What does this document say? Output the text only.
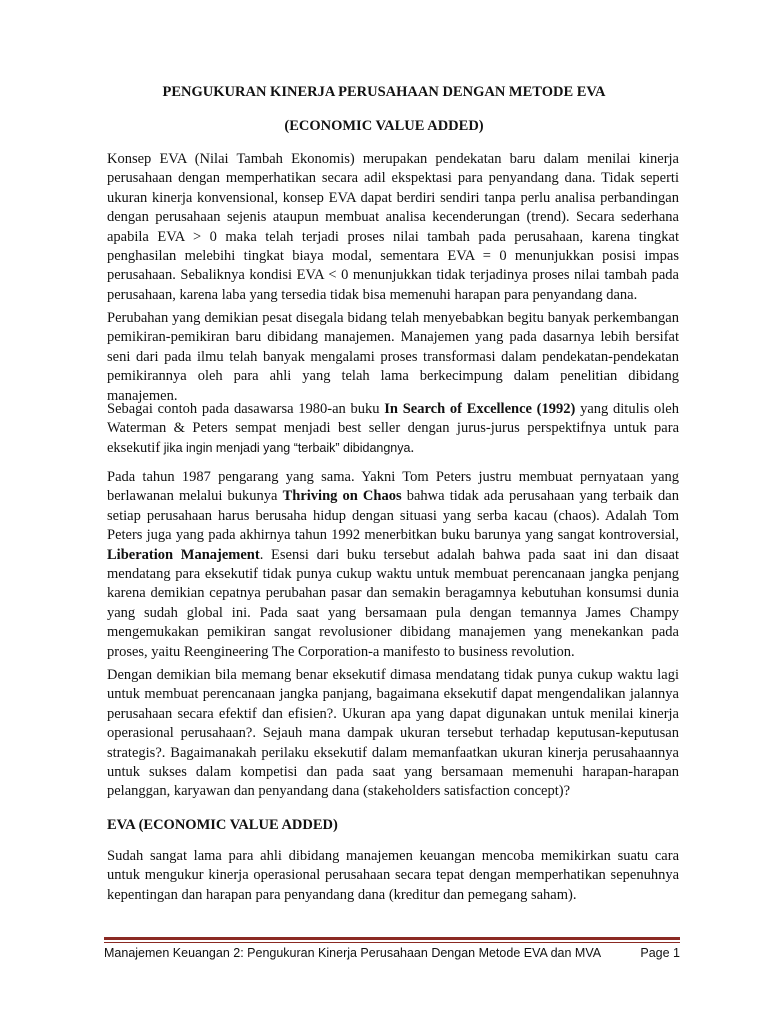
PENGUKURAN KINERJA PERUSAHAAN DENGAN METODE EVA
(ECONOMIC VALUE ADDED)

Konsep EVA (Nilai Tambah Ekonomis) merupakan pendekatan baru dalam menilai kinerja perusahaan dengan memperhatikan secara adil ekspektasi para penyandang dana. Tidak seperti ukuran kinerja konvensional, konsep EVA dapat berdiri sendiri tanpa perlu analisa perbandingan dengan perusahaan sejenis ataupun membuat analisa kecenderungan (trend). Secara sederhana apabila EVA > 0 maka telah terjadi proses nilai tambah pada perusahaan, karena tingkat penghasilan melebihi tingkat biaya modal, sementara EVA = 0 menunjukkan posisi impas perusahaan. Sebaliknya kondisi EVA < 0 menunjukkan tidak terjadinya proses nilai tambah pada perusahaan, karena laba yang tersedia tidak bisa memenuhi harapan para penyandang dana.

Perubahan yang demikian pesat disegala bidang telah menyebabkan begitu banyak perkembangan pemikiran-pemikiran baru dibidang manajemen. Manajemen yang pada dasarnya lebih bersifat seni dari pada ilmu telah banyak mengalami proses transformasi dalam pendekatan-pendekatan pemikirannya oleh para ahli yang telah lama berkecimpung dalam penelitian dibidang manajemen.

Sebagai contoh pada dasawarsa 1980-an buku In Search of Excellence (1992) yang ditulis oleh Waterman & Peters sempat menjadi best seller dengan jurus-jurus perspektifnya untuk para eksekutif jika ingin menjadi yang “terbaik” dibidangnya.

Pada tahun 1987 pengarang yang sama. Yakni Tom Peters justru membuat pernyataan yang berlawanan melalui bukunya Thriving on Chaos bahwa tidak ada perusahaan yang terbaik dan setiap perusahaan harus berusaha hidup dengan situasi yang serba kacau (chaos). Adalah Tom Peters juga yang pada akhirnya tahun 1992 menerbitkan buku barunya yang sangat kontroversial, Liberation Manajement. Esensi dari buku tersebut adalah bahwa pada saat ini dan disaat mendatang para eksekutif tidak punya cukup waktu untuk membuat perencanaan jangka penjang karena demikian cepatnya perubahan pasar dan semakin beragamnya kebutuhan konsumsi dunia yang sudah global ini. Pada saat yang bersamaan pula dengan temannya James Champy mengemukakan pemikiran sangat revolusioner dibidang manajemen yang menekankan pada proses, yaitu Reengineering The Corporation-a manifesto to business revolution.

Dengan demikian bila memang benar eksekutif dimasa mendatang tidak punya cukup waktu lagi untuk membuat perencanaan jangka panjang, bagaimana eksekutif dapat mengendalikan jalannya perusahaan secara efektif dan efisien?. Ukuran apa yang dapat digunakan untuk menilai kinerja operasional perusahaan?. Sejauh mana dampak ukuran tersebut terhadap keputusan-keputusan strategis?. Bagaimanakah perilaku eksekutif dalam memanfaatkan ukuran kinerja perusahaannya untuk sukses dalam kompetisi dan pada saat yang bersamaan memenuhi harapan-harapan pelanggan, karyawan dan penyandang dana (stakeholders satisfaction concept)?

EVA (ECONOMIC VALUE ADDED)

Sudah sangat lama para ahli dibidang manajemen keuangan mencoba memikirkan suatu cara untuk mengukur kinerja operasional perusahaan secara tepat dengan memperhatikan sepenuhnya kepentingan dan harapan para penyandang dana (kreditur dan pemegang saham).

Manajemen Keuangan 2: Pengukuran Kinerja Perusahaan Dengan Metode EVA dan MVA	Page 1
